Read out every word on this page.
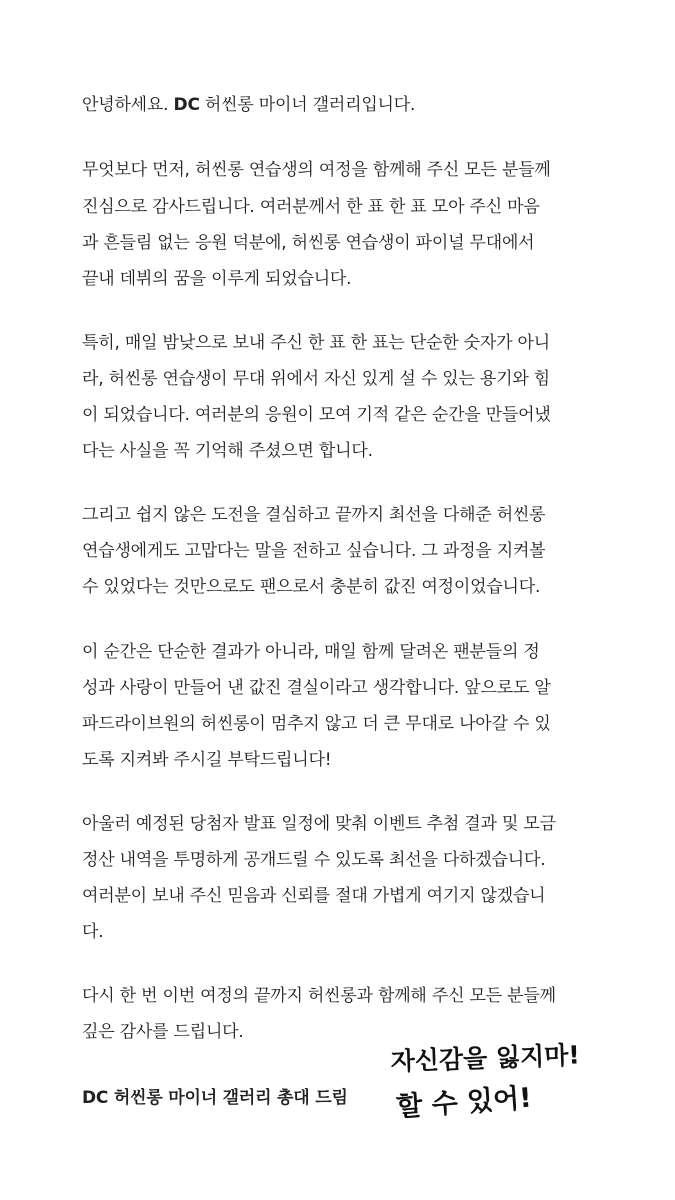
안녕하세요. DC 허씬롱 마이너 갤러리입니다.
무엇보다 먼저, 허씬롱 연습생의 여정을 함께해 주신 모든 분들께
진심으로 감사드립니다. 여러분께서 한 표 한 표 모아 주신 마음
과 흔들림 없는 응원 덕분에, 허씬롱 연습생이 파이널 무대에서
끝내 데뷔의 꿈을 이루게 되었습니다.
특히, 매일 밤낮으로 보내 주신 한 표 한 표는 단순한 숫자가 아니
라, 허씬롱 연습생이 무대 위에서 자신 있게 설 수 있는 용기와 힘
이 되었습니다. 여러분의 응원이 모여 기적 같은 순간을 만들어냈
다는 사실을 꼭 기억해 주셨으면 합니다.
그리고 쉽지 않은 도전을 결심하고 끝까지 최선을 다해준 허씬롱
연습생에게도 고맙다는 말을 전하고 싶습니다. 그 과정을 지켜볼
수 있었다는 것만으로도 팬으로서 충분히 값진 여정이었습니다.
이 순간은 단순한 결과가 아니라, 매일 함께 달려온 팬분들의 정
성과 사랑이 만들어 낸 값진 결실이라고 생각합니다. 앞으로도 알
파드라이브원의 허씬롱이 멈추지 않고 더 큰 무대로 나아갈 수 있
도록 지켜봐 주시길 부탁드립니다!
아울러 예정된 당첨자 발표 일정에 맞춰 이벤트 추첨 결과 및 모금
정산 내역을 투명하게 공개드릴 수 있도록 최선을 다하겠습니다.
여러분이 보내 주신 믿음과 신뢰를 절대 가볍게 여기지 않겠습니
다.
다시 한 번 이번 여정의 끝까지 허씬롱과 함께해 주신 모든 분들께
깊은 감사를 드립니다.
DC 허씬롱 마이너 갤러리 총대 드림
자신감을 잃지마!
할 수 있어!
